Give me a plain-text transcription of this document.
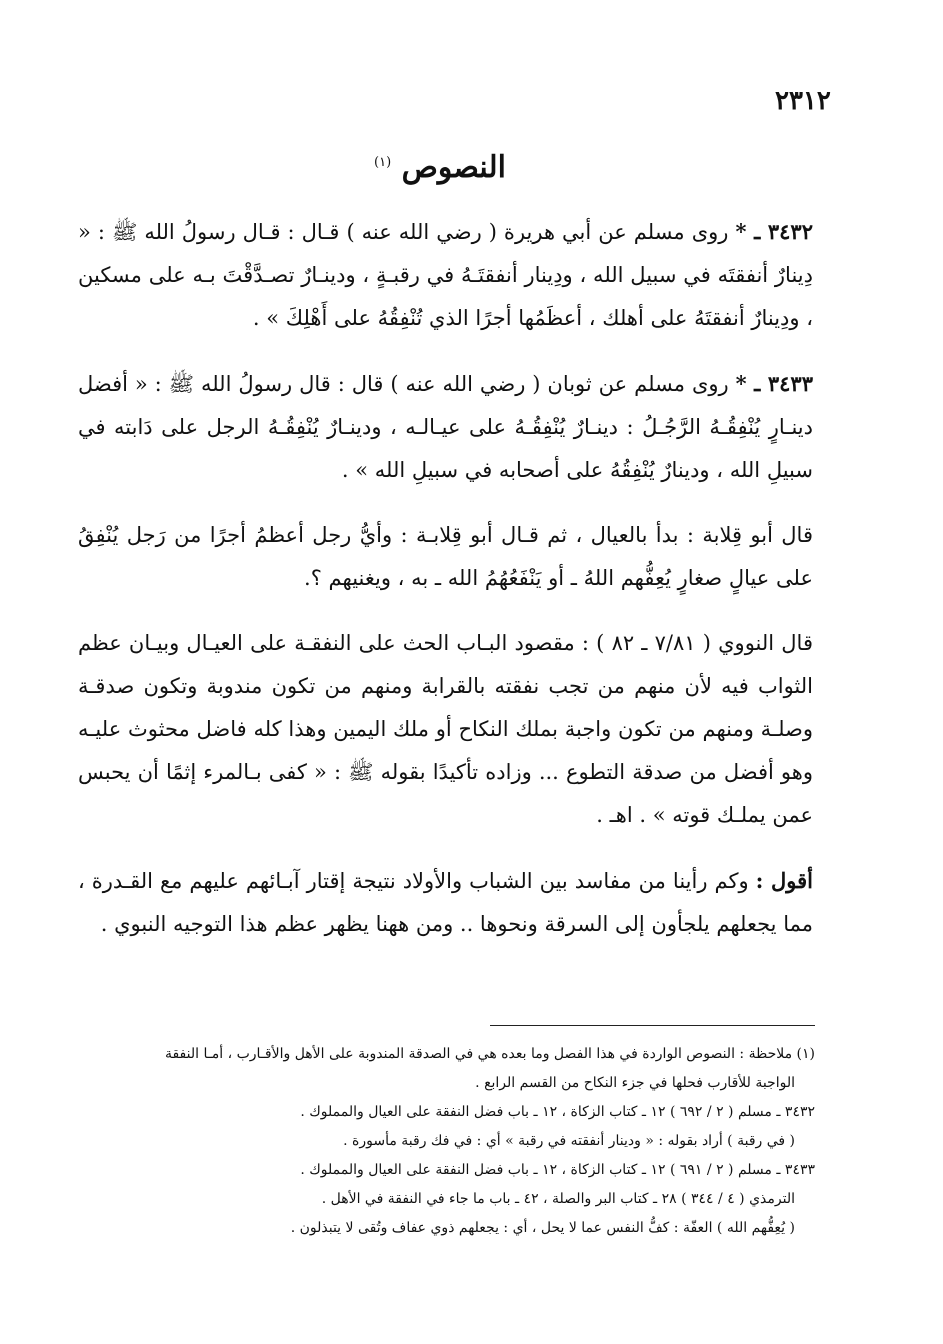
٢٣١٢
النصوص $^{(١)}$

٣٤٣٢ ـ * روى مسلم عن أبي هريرة ( رضي الله عنه ) قـال : قـال رسولُ الله ﷺ : « دِينارٌ أنفقتَه في سبيل الله ، ودِينار أنفقتَـهُ في رقبـةٍ ، ودينـارٌ تصـدَّقْتَ بـه على مسكين ، ودِينارٌ أنفقتَهُ على أهلك ، أعظَمُها أجرًا الذي تُنْفِقُهُ على أَهْلِكَ » .

٣٤٣٣ ـ * روى مسلم عن ثوبان ( رضي الله عنه ) قال : قال رسولُ الله ﷺ : « أفضل دينـارٍ يُنْفِقُـهُ الرَّجُـلُ : دينـارٌ يُنْفِقُـهُ على عيـالـه ، ودينـارٌ يُنْفِقُـهُ الرجل على دَابته في سبيلِ الله ، ودينارٌ يُنْفِقُهُ على أصحابه في سبيلِ الله » .

قال أبو قِلابة : بدأ بالعيال ، ثم قـال أبو قِلابـة : وأيُّ رجل أعظمُ أجرًا من رَجل يُنْفِقُ على عيالٍ صغارٍ يُعِفُّهم اللهُ ـ أو يَنْفَعُهُمُ الله ـ به ، ويغنيهم ؟.

قال النووي ( ٧/٨١ ـ ٨٢ ) : مقصود البـاب الحث على النفقـة على العيـال وبيـان عظم الثواب فيه لأن منهم من تجب نفقته بالقرابة ومنهم من تكون مندوبة وتكون صدقـة وصلـة ومنهم من تكون واجبة بملك النكاح أو ملك اليمين وهذا كله فاضل محثوث عليـه وهو أفضل من صدقة التطوع ... وزاده تأكيدًا بقوله ﷺ : « كفى بـالمرء إثمًا أن يحبس عمن يملـك قوته » . اهـ .

أقول : وكم رأينا من مفاسد بين الشباب والأولاد نتيجة إقتار آبـائهم عليهم مع القـدرة ، مما يجعلهم يلجأون إلى السرقة ونحوها .. ومن ههنا يظهر عظم هذا التوجيه النبوي .

(١) ملاحظة : النصوص الواردة في هذا الفصل وما بعده هي في الصدقة المندوبة على الأهل والأقـارب ، أمـا النفقة
الواجبة للأقارب فحلها في جزء النكاح من القسم الرابع .
٣٤٣٢ ـ مسلم ( ٢ / ٦٩٢ ) ١٢ ـ كتاب الزكاة ، ١٢ ـ باب فضل النفقة على العيال والمملوك .
( في رقبة ) أراد بقوله : « ودينار أنفقته في رقبة » أي : في فك رقبة مأسورة .
٣٤٣٣ ـ مسلم ( ٢ / ٦٩١ ) ١٢ ـ كتاب الزكاة ، ١٢ ـ باب فضل النفقة على العيال والمملوك .
الترمذي ( ٤ / ٣٤٤ ) ٢٨ ـ كتاب البر والصلة ، ٤٢ ـ باب ما جاء في النفقة في الأهل .
( يُعِفُّهم الله ) العفّة : كفُّ النفس عما لا يحل ، أي : يجعلهم ذوي عفاف وتُقى لا يتبذلون .
